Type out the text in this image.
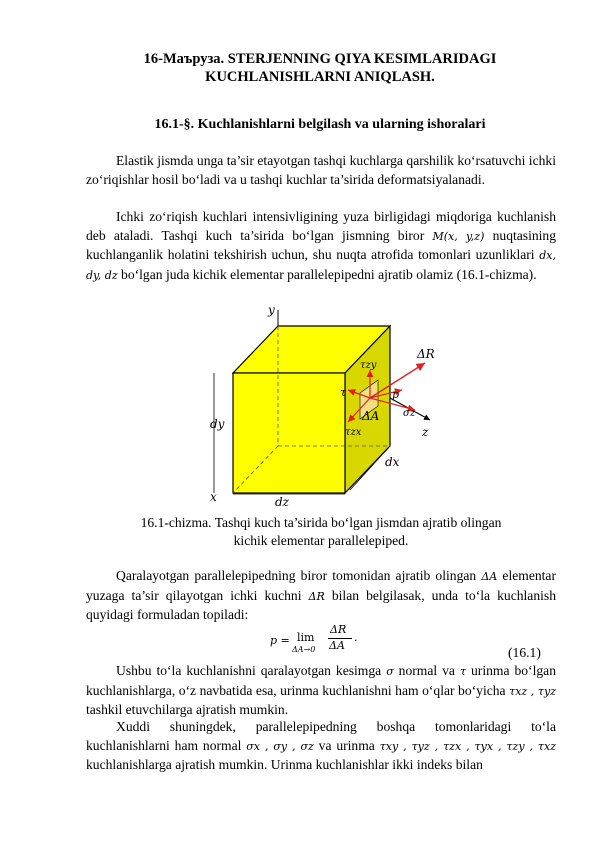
16-Маъруза. STERJENNING QIYA KESIMLARIDAGI
KUCHLANISHLARNI ANIQLASH.
16.1-§. Kuchlanishlarni belgilash va ularning ishoralari
Elastik jismda unga ta’sir etayotgan tashqi kuchlarga qarshilik ko‘rsatuvchi ichki zo‘riqishlar hosil bo‘ladi va u tashqi kuchlar ta’sirida deformatsiyalanadi.
Ichki zo‘riqish kuchlari intensivligining yuza birligidagi miqdoriga kuchlanish deb ataladi. Tashqi kuch ta’sirida bo‘lgan jismning biror M(x, y,z) nuqtasining kuchlanganlik holatini tekshirish uchun, shu nuqta atrofida tomonlari uzunliklari dx, dy, dz bo‘lgan juda kichik elementar parallelepipedni ajratib olamiz (16.1-chizma).
y
x
z
dy
dz
dx
ΔR
ΔA
τzy
τzx
τ	p
σz
16.1-chizma. Tashqi kuch ta’sirida bo‘lgan jismdan ajratib olingan
kichik elementar parallelepiped.
Qaralayotgan parallelepipedning biror tomonidan ajratib olingan ΔA elementar yuzaga ta’sir qilayotgan ichki kuchni ΔR bilan belgilasak, unda to‘la kuchlanish quyidagi formuladan topiladi:
p = lim
ΔA→0
ΔR
ΔA
.
(16.1)
Ushbu to‘la kuchlanishni qaralayotgan kesimga σ normal va τ urinma bo‘lgan kuchlanishlarga, o‘z navbatida esa, urinma kuchlanishni ham o‘qlar bo‘yicha τxz , τyz tashkil etuvchilarga ajratish mumkin.
Xuddi shuningdek, parallelepipedning boshqa tomonlaridagi to‘la kuchlanishlarni ham normal σx , σy , σz va urinma τxy , τyz , τzx , τyx , τzy , τxz kuchlanishlarga ajratish mumkin. Urinma kuchlanishlar ikki indeks bilan
